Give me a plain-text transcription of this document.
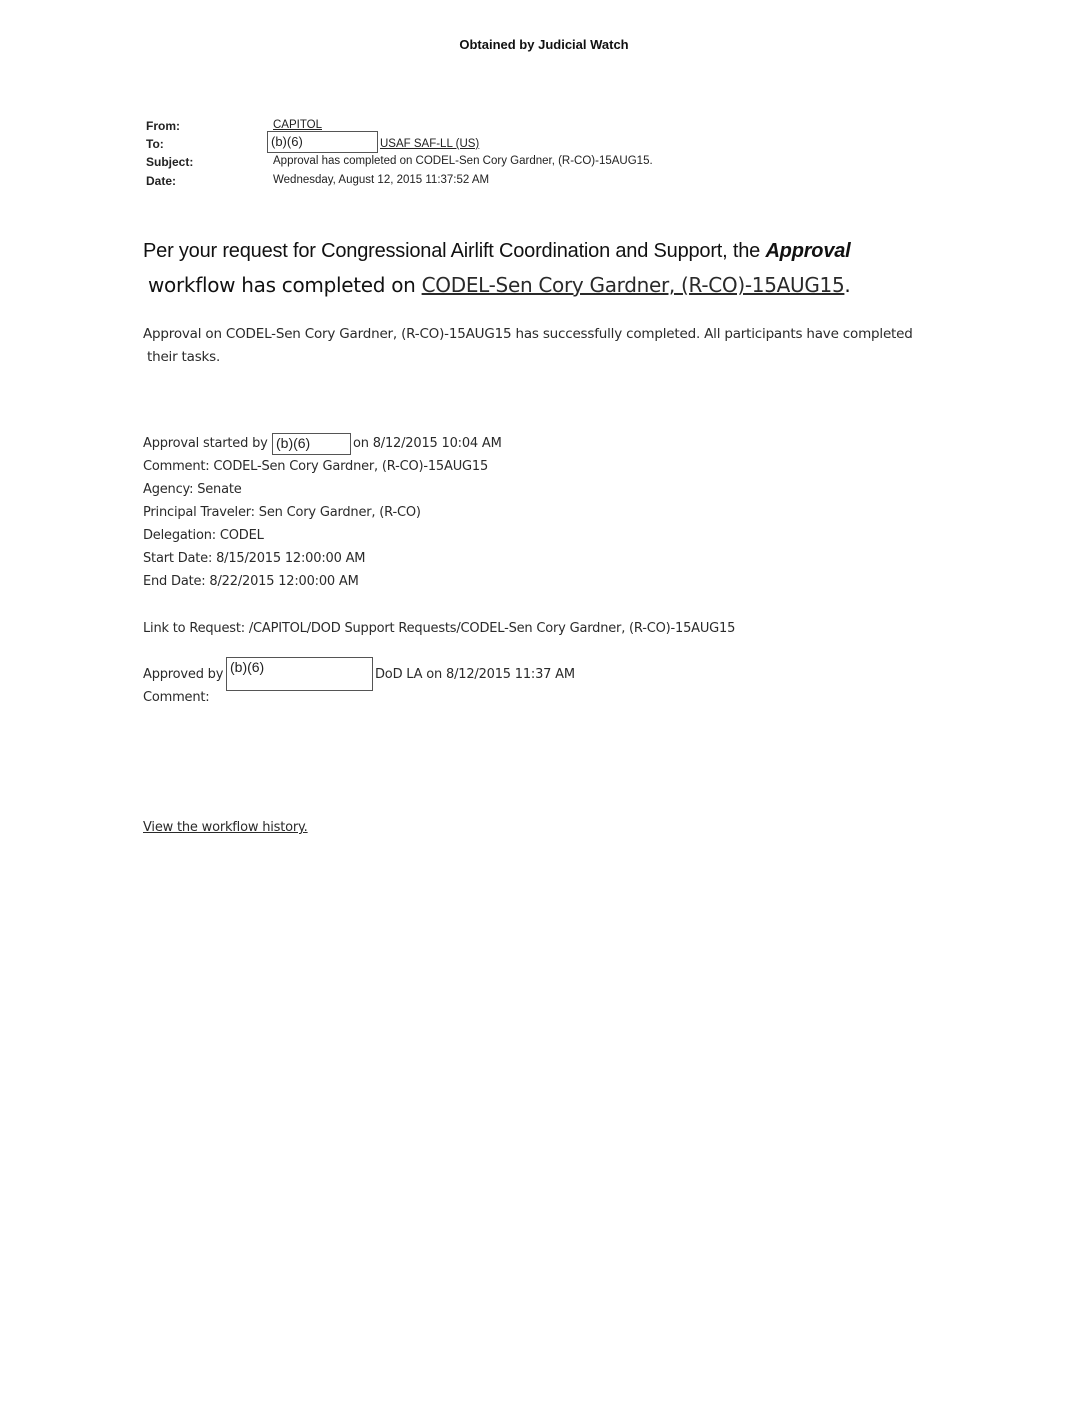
Obtained by Judicial Watch
From:	CAPITOL
To:	(b)(6)	USAF SAF-LL (US)
Subject:	Approval has completed on CODEL-Sen Cory Gardner, (R-CO)-15AUG15.
Date:	Wednesday, August 12, 2015 11:37:52 AM
Per your request for Congressional Airlift Coordination and Support, the Approval
workflow has completed on CODEL-Sen Cory Gardner, (R-CO)-15AUG15.
Approval on CODEL-Sen Cory Gardner, (R-CO)-15AUG15 has successfully completed. All participants have completed
their tasks.
Approval started by (b)(6)	on 8/12/2015 10:04 AM
Comment: CODEL-Sen Cory Gardner, (R-CO)-15AUG15
Agency: Senate
Principal Traveler: Sen Cory Gardner, (R-CO)
Delegation: CODEL
Start Date: 8/15/2015 12:00:00 AM
End Date: 8/22/2015 12:00:00 AM
Link to Request: /CAPITOL/DOD Support Requests/CODEL-Sen Cory Gardner, (R-CO)-15AUG15
Approved by (b)(6)	DoD LA on 8/12/2015 11:37 AM
Comment:
View the workflow history.
